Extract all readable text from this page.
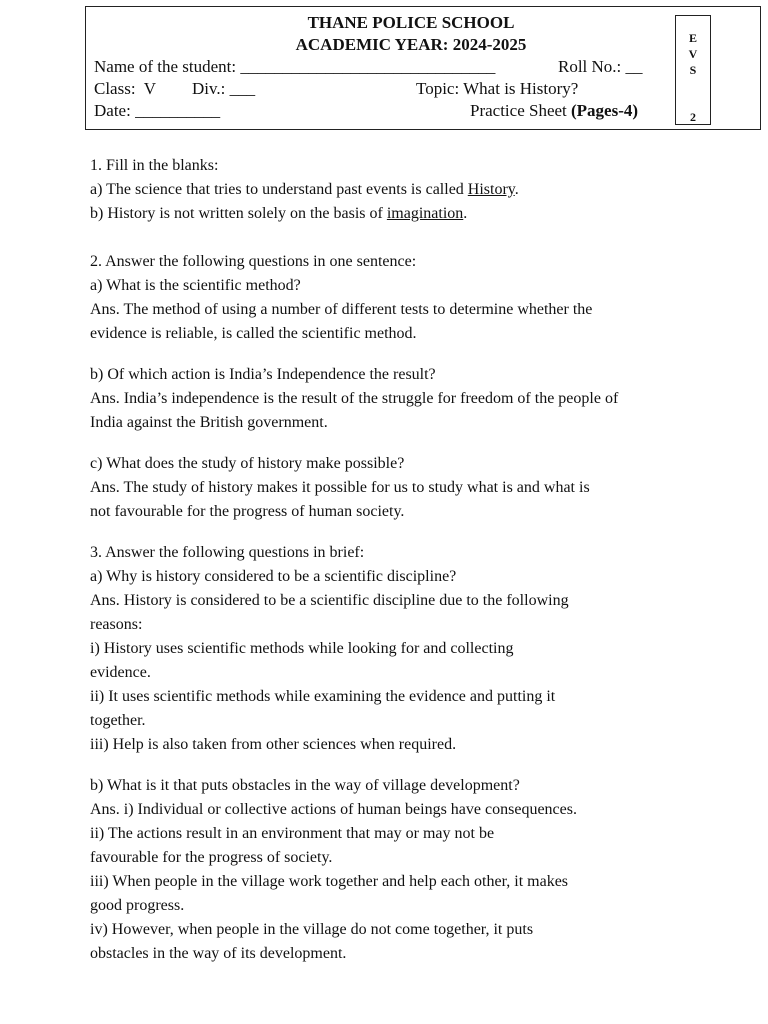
THANE POLICE SCHOOL
ACADEMIC YEAR: 2024-2025
Name of the student: ______________________________	Roll No.: __
Class:  V Div.: ___	Topic: What is History?
Date: __________	Practice Sheet (Pages-4)
E
V
S
2

1. Fill in the blanks:

a) The science that tries to understand past events is called History.

b) History is not written solely on the basis of imagination.

2. Answer the following questions in one sentence:

a) What is the scientific method?

Ans. The method of using a number of different tests to determine whether the

evidence is reliable, is called the scientific method.

b) Of which action is India’s Independence the result?

Ans. India’s independence is the result of the struggle for freedom of the people of

India against the British government.

c) What does the study of history make possible?

Ans. The study of history makes it possible for us to study what is and what is

not favourable for the progress of human society.

3. Answer the following questions in brief:

a) Why is history considered to be a scientific discipline?

Ans. History is considered to be a scientific discipline due to the following

reasons:

i) History uses scientific methods while looking for and collecting

evidence.

ii) It uses scientific methods while examining the evidence and putting it

together.

iii) Help is also taken from other sciences when required.

b) What is it that puts obstacles in the way of village development?

Ans. i) Individual or collective actions of human beings have consequences.

ii) The actions result in an environment that may or may not be

favourable for the progress of society.

iii) When people in the village work together and help each other, it makes

good progress.

iv) However, when people in the village do not come together, it puts

obstacles in the way of its development.
